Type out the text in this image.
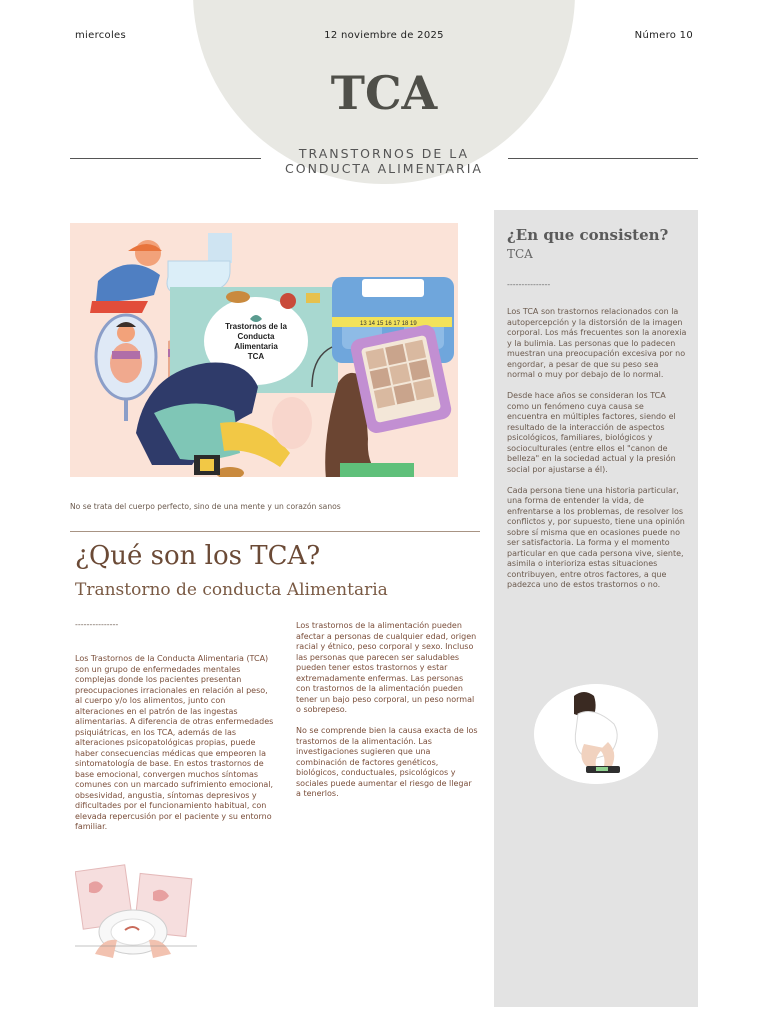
miercoles	12 noviembre de 2025	Número 10
TCA
TRANSTORNOS DE LA
CONDUCTA ALIMENTARIA
Trastornos de la
Conducta
Alimentaria
TCA
13 14 15 16 17 18 19
No se trata del cuerpo perfecto, sino de una mente y un corazón sanos
¿Qué son los TCA?
Transtorno de conducta Alimentaria
---------------

Los Trastornos de la Conducta Alimentaria (TCA) son un grupo de enfermedades mentales complejas donde los pacientes presentan preocupaciones irracionales en relación al peso, al cuerpo y/o los alimentos, junto con alteraciones en el patrón de las ingestas alimentarias. A diferencia de otras enfermedades psiquiátricas, en los TCA, además de las alteraciones psicopatológicas propias, puede haber consecuencias médicas que empeoren la sintomatología de base. En estos trastornos de base emocional, convergen muchos síntomas comunes con un marcado sufrimiento emocional, obsesividad, angustia, síntomas depresivos y dificultades por el funcionamiento habitual, con elevada repercusión por el paciente y su entorno familiar.

Los trastornos de la alimentación pueden afectar a personas de cualquier edad, origen racial y étnico, peso corporal y sexo. Incluso las personas que parecen ser saludables pueden tener estos trastornos y estar extremadamente enfermas. Las personas con trastornos de la alimentación pueden tener un bajo peso corporal, un peso normal o sobrepeso.

No se comprende bien la causa exacta de los trastornos de la alimentación. Las investigaciones sugieren que una combinación de factores genéticos, biológicos, conductuales, psicológicos y sociales puede aumentar el riesgo de llegar a tenerlos.

¿En que consisten?
TCA
---------------

Los TCA son trastornos relacionados con la autopercepción y la distorsión de la imagen corporal. Los más frecuentes son la anorexia y la bulimia. Las personas que lo padecen muestran una preocupación excesiva por no engordar, a pesar de que su peso sea normal o muy por debajo de lo normal.

Desde hace años se consideran los TCA como un fenómeno cuya causa se encuentra en múltiples factores, siendo el resultado de la interacción de aspectos psicológicos, familiares, biológicos y socioculturales (entre ellos el "canon de belleza" en la sociedad actual y la presión social por ajustarse a él).

Cada persona tiene una historia particular, una forma de entender la vida, de enfrentarse a los problemas, de resolver los conflictos y, por supuesto, tiene una opinión sobre sí misma que en ocasiones puede no ser satisfactoria. La forma y el momento particular en que cada persona vive, siente, asimila o interioriza estas situaciones contribuyen, entre otros factores, a que padezca uno de estos trastornos o no.
